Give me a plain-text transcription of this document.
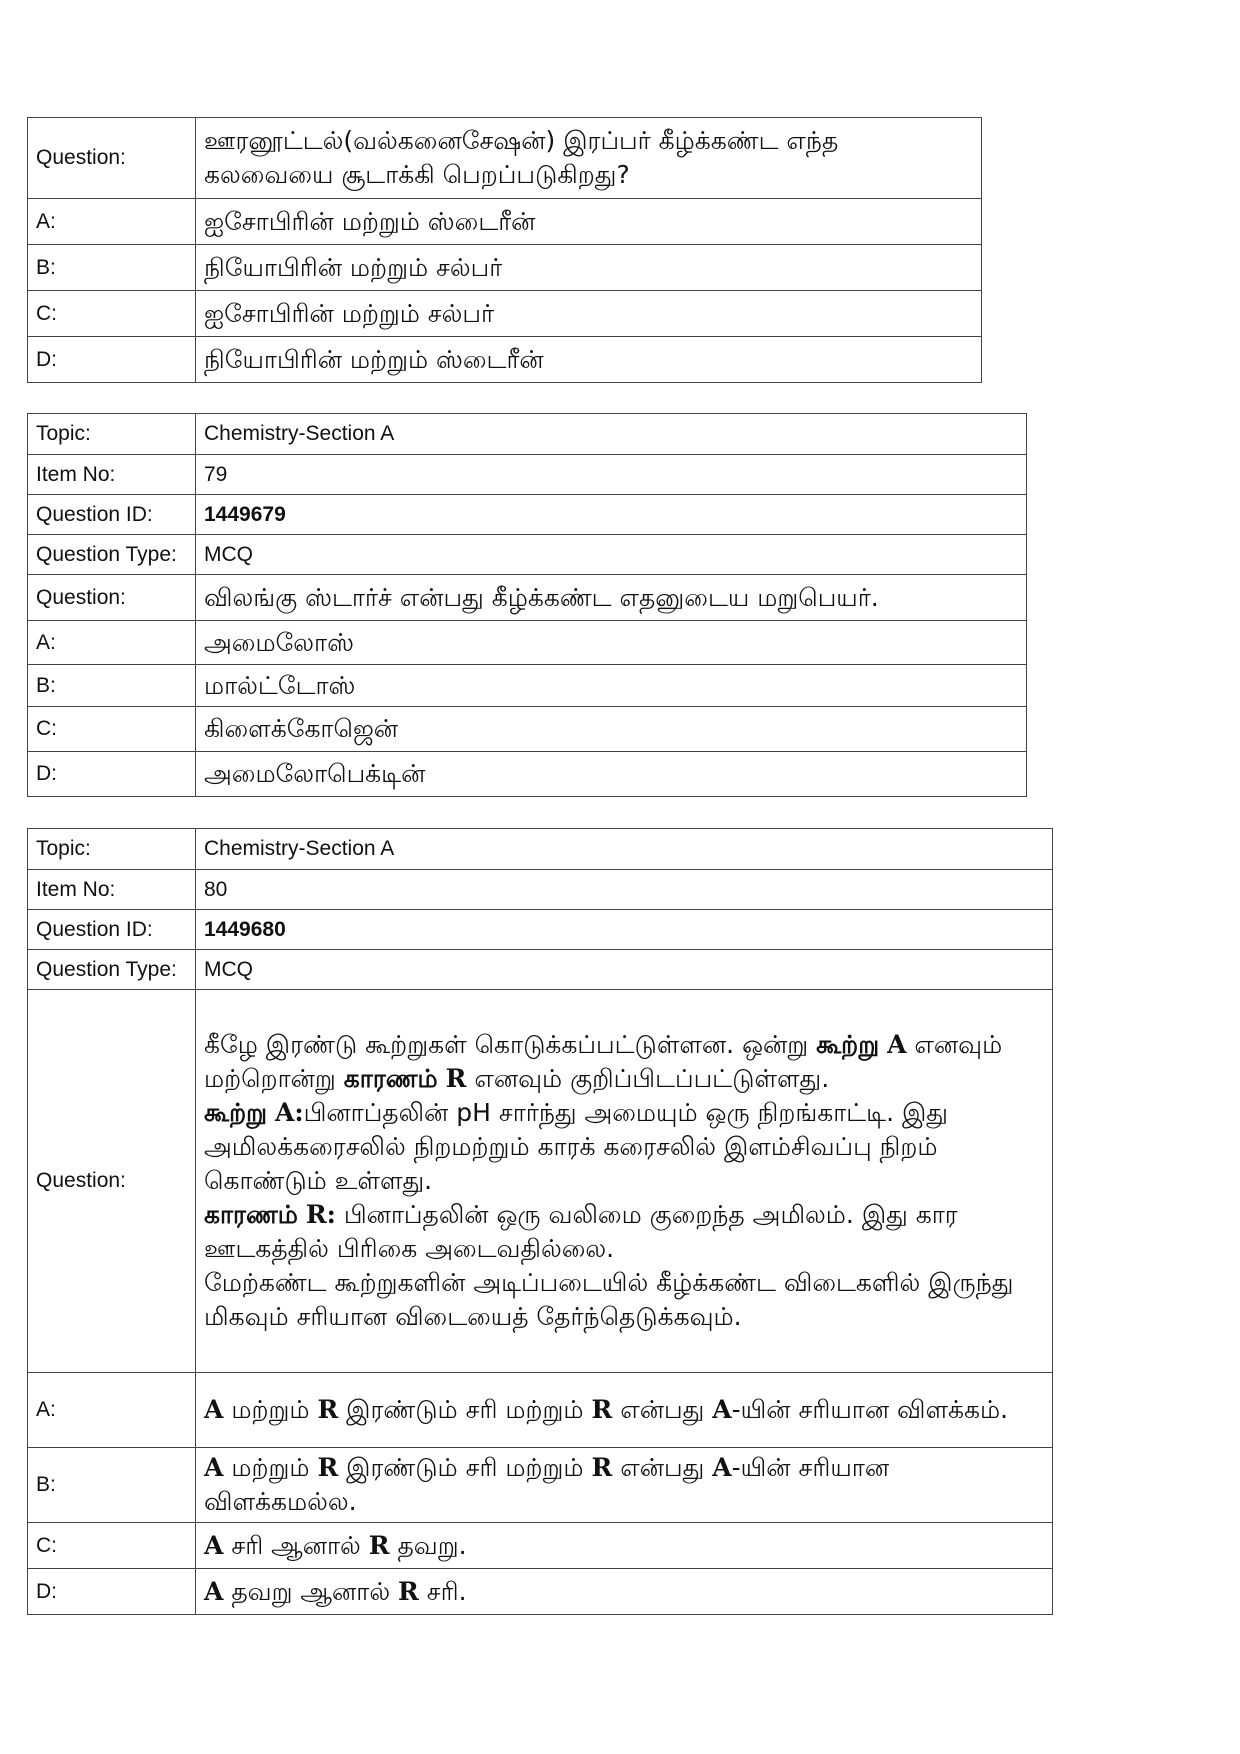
Question:	ஊரனூட்டல்(வல்கனைசேஷன்) இரப்பர் கீழ்க்கண்ட எந்த கலவையை சூடாக்கி பெறப்படுகிறது?
A:	ஐசோபிரின் மற்றும் ஸ்டைரீன்
B:	நியோபிரின் மற்றும் சல்பர்
C:	ஐசோபிரின் மற்றும் சல்பர்
D:	நியோபிரின் மற்றும் ஸ்டைரீன்
Topic:	Chemistry-Section A
Item No:	79
Question ID:	1449679
Question Type:	MCQ
Question:	விலங்கு ஸ்டார்ச் என்பது கீழ்க்கண்ட எதனுடைய மறுபெயர்.
A:	அமைலோஸ்
B:	மால்ட்டோஸ்
C:	கிளைக்கோஜென்
D:	அமைலோபெக்டின்
Topic:	Chemistry-Section A
Item No:	80
Question ID:	1449680
Question Type:	MCQ
Question:	கீழே இரண்டு கூற்றுகள் கொடுக்கப்பட்டுள்ளன. ஒன்று கூற்று A எனவும் மற்றொன்று காரணம் R எனவும் குறிப்பிடப்பட்டுள்ளது.
கூற்று A:பினாப்தலின் pH சார்ந்து அமையும் ஒரு நிறங்காட்டி. இது அமிலக்கரைசலில் நிறமற்றும் காரக் கரைசலில் இளம்சிவப்பு நிறம் கொண்டும் உள்ளது.
காரணம் R: பினாப்தலின் ஒரு வலிமை குறைந்த அமிலம். இது கார ஊடகத்தில் பிரிகை அடைவதில்லை.
மேற்கண்ட கூற்றுகளின் அடிப்படையில் கீழ்க்கண்ட விடைகளில் இருந்து மிகவும் சரியான விடையைத் தேர்ந்தெடுக்கவும்.
A:	A மற்றும் R இரண்டும் சரி மற்றும் R என்பது A-யின் சரியான விளக்கம்.
B:	A மற்றும் R இரண்டும் சரி மற்றும் R என்பது A-யின் சரியான விளக்கமல்ல.
C:	A சரி ஆனால் R தவறு.
D:	A தவறு ஆனால் R சரி.
